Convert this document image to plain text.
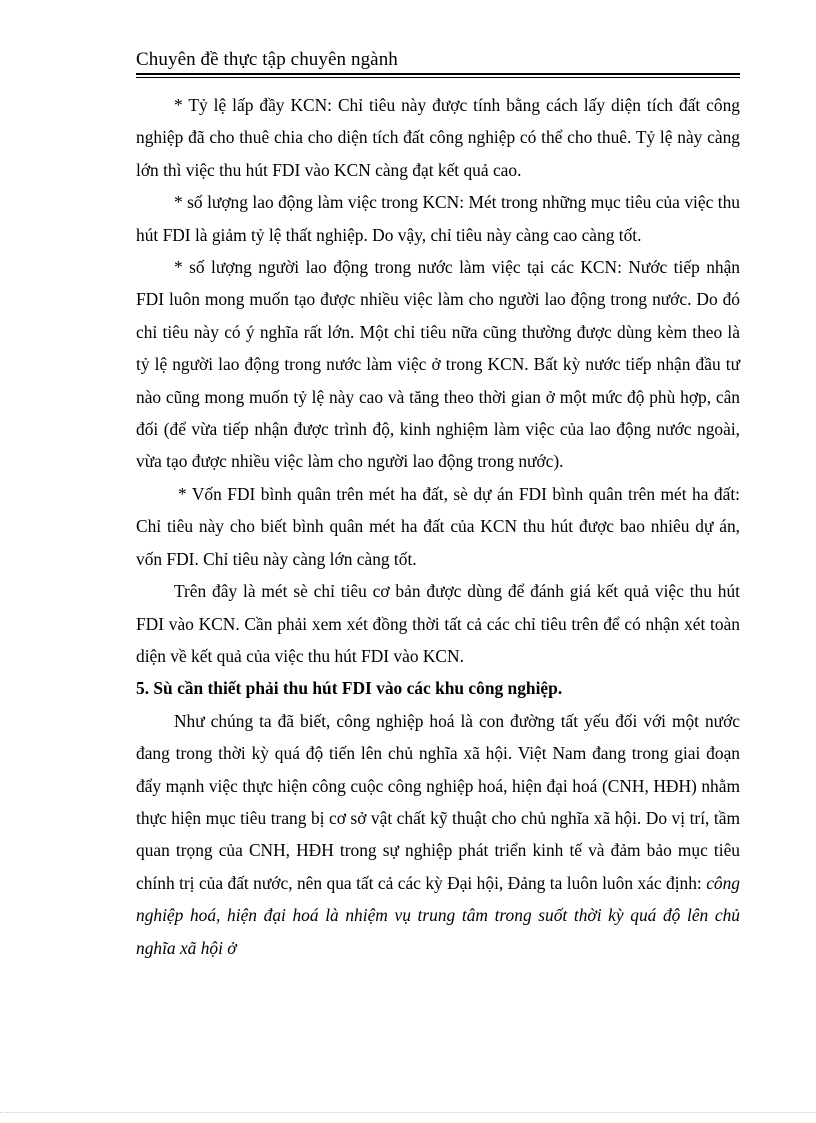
Chuyên đề thực tập chuyên ngành

* Tỷ lệ lấp đầy KCN: Chỉ tiêu này được tính bằng cách lấy diện tích đất công nghiệp đã cho thuê chia cho diện tích đất công nghiệp có thể cho thuê. Tỷ lệ này càng lớn thì việc thu hút FDI vào KCN càng đạt kết quả cao.

* số lượng lao động làm việc trong KCN: Mét trong những mục tiêu của việc thu hút FDI là giảm tỷ lệ thất nghiệp. Do vậy, chỉ tiêu này càng cao càng tốt.

* số lượng người lao động trong nước làm việc tại các KCN: Nước tiếp nhận FDI luôn mong muốn tạo được nhiều việc làm cho người lao động trong nước. Do đó chỉ tiêu này có ý nghĩa rất lớn. Một chỉ tiêu nữa cũng thường được dùng kèm theo là tỷ lệ người lao động trong nước làm việc ở trong KCN. Bất kỳ nước tiếp nhận đầu tư nào cũng mong muốn tỷ lệ này cao và tăng theo thời gian ở một mức độ phù hợp, cân đối (để vừa tiếp nhận được trình độ, kinh nghiệm làm việc của lao động nước ngoài, vừa tạo được nhiều việc làm cho người lao động trong nước).

* Vốn FDI bình quân trên mét ha đất, sè dự án FDI bình quân trên mét ha đất: Chỉ tiêu này cho biết bình quân mét ha đất của KCN thu hút được bao nhiêu dự án, vốn FDI. Chỉ tiêu này càng lớn càng tốt.

Trên đây là mét sè chỉ tiêu cơ bản được dùng để đánh giá kết quả việc thu hút FDI vào KCN. Cần phải xem xét đồng thời tất cả các chỉ tiêu trên để có nhận xét toàn diện về kết quả của việc thu hút FDI vào KCN.

5. Sù cần thiết phải thu hút FDI vào các khu công nghiệp.

Như chúng ta đã biết, công nghiệp hoá là con đường tất yếu đối với một nước đang trong thời kỳ quá độ tiến lên chủ nghĩa xã hội. Việt Nam đang trong giai đoạn đẩy mạnh việc thực hiện công cuộc công nghiệp hoá, hiện đại hoá (CNH, HĐH) nhằm thực hiện mục tiêu trang bị cơ sở vật chất kỹ thuật cho chủ nghĩa xã hội. Do vị trí, tầm quan trọng của CNH, HĐH trong sự nghiệp phát triển kinh tế và đảm bảo mục tiêu chính trị của đất nước, nên qua tất cả các kỳ Đại hội, Đảng ta luôn luôn xác định: công nghiệp hoá, hiện đại hoá là nhiệm vụ trung tâm trong suốt thời kỳ quá độ lên chủ nghĩa xã hội ở
